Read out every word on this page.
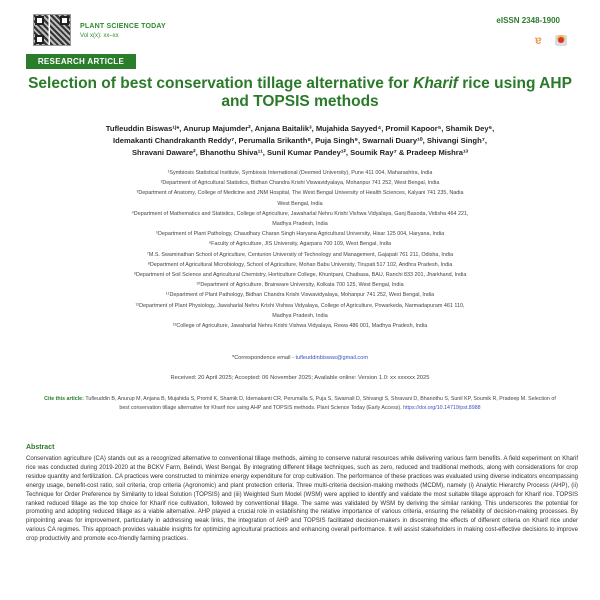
PLANT SCIENCE TODAY
Vol x(x): xx–xx
eISSN 2348-1900
ɐ
RESEARCH ARTICLE
Selection of best conservation tillage alternative for Kharif rice using AHP and TOPSIS methods
Tufleuddin Biswas¹ʲ*, Anurup Majumder², Anjana Baitalik³, Mujahida Sayyed⁴, Promil Kapoor⁵, Shamik Dey⁶,
Idemakanti Chandrakanth Reddy⁷, Perumalla Srikanth⁸, Puja Singh⁹, Swarnali Duary¹⁰, Shivangi Singh⁷,
Shravani Daware², Bhanothu Shiva¹¹, Sunil Kumar Pandey¹², Soumik Ray⁷ & Pradeep Mishra¹³
¹Symbiosis Statistical Institute, Symbiosis International (Deemed University), Pune 411 004, Maharashtra, India
²Department of Agricultural Statistics, Bidhan Chandra Krishi Viswavidyalaya, Mohanpur 741 252, West Bengal, India
³Department of Anatomy, College of Medicine and JNM Hospital, The West Bengal University of Health Sciences, Kalyani 741 235, Nadia
West Bengal, India
⁴Department of Mathematics and Statistics, College of Agriculture, Jawaharlal Nehru Krishi Vishwa Vidyalaya, Ganj Basoda, Vidisha 464 221,
Madhya Pradesh, India
⁵Department of Plant Pathology, Chaudhary Charan Singh Haryana Agricultural University, Hisar 125 004, Haryana, India
⁶Faculty of Agriculture, JIS University, Agarpara 700 109, West Bengal, India
⁷M.S. Swaminathan School of Agriculture, Centurion University of Technology and Management, Gajapati 761 211, Odisha, India
⁸Department of Agricultural Microbiology, School of Agriculture, Mohan Babu University, Tirupati 517 102, Andhra Pradesh, India
⁹Department of Soil Science and Agricultural Chemistry, Horticulture College, Khuntpani, Chaibasa, BAU, Ranchi 833 201, Jharkhand, India
¹⁰Department of Agriculture, Brainware University, Kolkata 700 125, West Bengal, India
¹¹Department of Plant Pathology, Bidhan Chandra Krishi Viswavidyalaya, Mohanpur 741 252, West Bengal, India
¹²Department of Plant Physiology, Jawaharlal Nehru Krishi Vishwa Vidyalaya, College of Agriculture, Powarkeda, Narmadapuram 461 110,
Madhya Pradesh, India
¹³College of Agriculture, Jawaharlal Nehru Krishi Vishwa Vidyalaya, Rewa 486 001, Madhya Pradesh, India
*Correspondence email - tufleuddinbiswas@gmail.com
Received: 20 April 2025; Accepted: 06 November 2025; Available online: Version 1.0: xx xxxxxx 2025
Cite this article: Tufleuddin B, Anurup M, Anjana B, Mujahida S, Promil K, Shamik D, Idemakanti CR, Perumalla S, Puja S, Swarnali D, Shivangi S, Shravani D, Bhanothu S, Sunil KP, Soumik R, Pradeep M. Selection of best conservation tillage alternative for Kharif rice using AHP and TOPSIS methods. Plant Science Today (Early Access). https://doi.org/10.14719/pst.8988
Abstract
Conservation agriculture (CA) stands out as a recognized alternative to conventional tillage methods, aiming to conserve natural resources while delivering various farm benefits. A field experiment on Kharif rice was conducted during 2019-2020 at the BCKV Farm, Belindi, West Bengal. By integrating different tillage techniques, such as zero, reduced and traditional methods, along with considerations for crop residue quantity and fertilization. CA practices were constructed to minimize energy expenditure for crop cultivation. The performance of these practices was evaluated using diverse indicators encompassing energy usage, benefit-cost ratio, soil criteria, crop criteria (Agronomic) and plant protection criteria. Three multi-criteria decision-making methods (MCDM), namely (i) Analytic Hierarchy Process (AHP), (ii) Technique for Order Preference by Similarity to Ideal Solution (TOPSIS) and (iii) Weighted Sum Model (WSM) were applied to identify and validate the most suitable tillage approach for Kharif rice. TOPSIS ranked reduced tillage as the top choice for Kharif rice cultivation, followed by conventional tillage. The same was validated by WSM by deriving the similar ranking. This underscores the potential for promoting and adopting reduced tillage as a viable alternative. AHP played a crucial role in establishing the relative importance of various criteria, ensuring the reliability of decision-making processes. By pinpointing areas for improvement, particularly in addressing weak links, the integration of AHP and TOPSIS facilitated decision-makers in discerning the effects of different criteria on Kharif rice under various CA regimes. This approach provides valuable insights for optimizing agricultural practices and enhancing overall performance. It will assist stakeholders in making cost-effective decisions to improve crop productivity and promote eco-friendly farming practices.
